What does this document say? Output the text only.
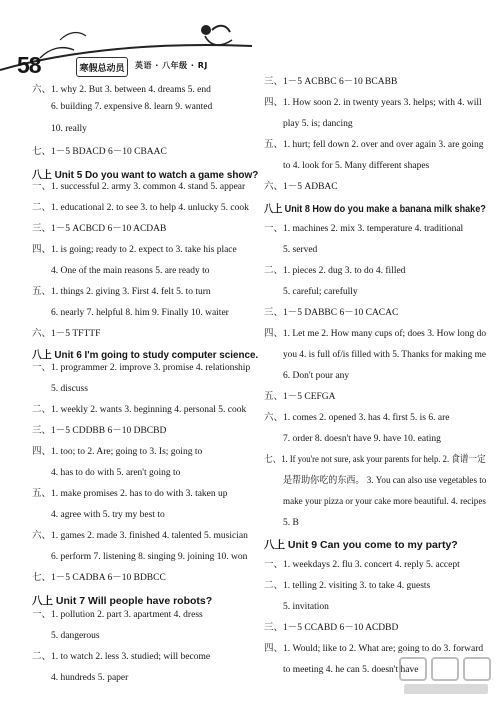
58	寒假总动员	英语 · 八年级 · RJ
六、1. why 2. But 3. between 4. dreams 5. end
6. building 7. expensive 8. learn 9. wanted
10. really
七、1－5 BDACD 6－10 CBAAC
八上 Unit 5 Do you want to watch a game show?
一、1. successful 2. army 3. common 4. stand 5. appear
二、1. educational 2. to see 3. to help 4. unlucky 5. cook
三、1－5 ACBCD 6－10 ACDAB
四、1. is going; ready to 2. expect to 3. take his place
4. One of the main reasons 5. are ready to
五、1. things 2. giving 3. First 4. felt 5. to turn
6. nearly 7. helpful 8. him 9. Finally 10. waiter
六、1－5 TFTTF
八上 Unit 6 I'm going to study computer science.
一、1. programmer 2. improve 3. promise 4. relationship
5. discuss
二、1. weekly 2. wants 3. beginning 4. personal 5. cook
三、1－5 CDDBB 6－10 DBCBD
四、1. too; to 2. Are; going to 3. Is; going to
4. has to do with 5. aren't going to
五、1. make promises 2. has to do with 3. taken up
4. agree with 5. try my best to
六、1. games 2. made 3. finished 4. talented 5. musician
6. perform 7. listening 8. singing 9. joining 10. won
七、1－5 CADBA 6－10 BDBCC
八上 Unit 7 Will people have robots?
一、1. pollution 2. part 3. apartment 4. dress
5. dangerous
二、1. to watch 2. less 3. studied; will become
4. hundreds 5. paper
三、1－5 ACBBC 6－10 BCABB
四、1. How soon 2. in twenty years 3. helps; with 4. will
play 5. is; dancing
五、1. hurt; fell down 2. over and over again 3. are going
to 4. look for 5. Many different shapes
六、1－5 ADBAC
八上 Unit 8 How do you make a banana milk shake?
一、1. machines 2. mix 3. temperature 4. traditional
5. served
二、1. pieces 2. dug 3. to do 4. filled
5. careful; carefully
三、1－5 DABBC 6－10 CACAC
四、1. Let me 2. How many cups of; does 3. How long do
you 4. is full of/is filled with 5. Thanks for making me
6. Don't pour any
五、1－5 CEFGA
六、1. comes 2. opened 3. has 4. first 5. is 6. are
7. order 8. doesn't have 9. have 10. eating
七、1. If you're not sure, ask your parents for help. 2. 食谱一定
是帮助你吃的东西。 3. You can also use vegetables to
make your pizza or your cake more beautiful. 4. recipes
5. B
八上 Unit 9 Can you come to my party?
一、1. weekdays 2. flu 3. concert 4. reply 5. accept
二、1. telling 2. visiting 3. to take 4. guests
5. invitation
三、1－5 CCABD 6－10 ACDBD
四、1. Would; like to 2. What are; going to do 3. forward
to meeting 4. he can 5. doesn't have
